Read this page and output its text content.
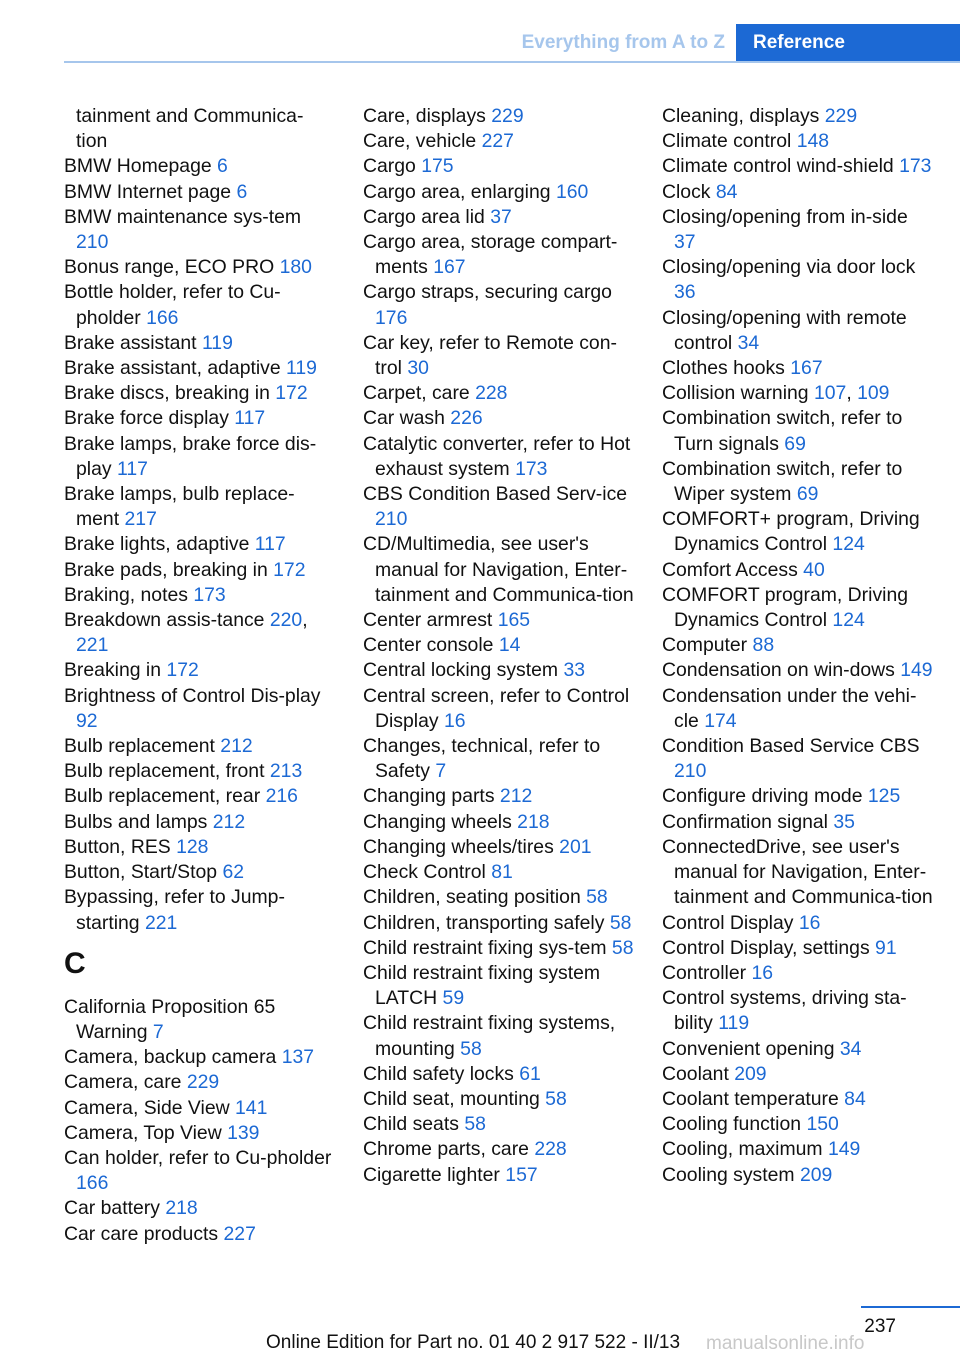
Everything from A to Z	Reference
tainment and Communica-
tion
BMW Homepage 6
BMW Internet page 6
BMW maintenance sys-tem 210
Bonus range, ECO PRO 180
Bottle holder, refer to Cu-pholder 166
Brake assistant 119
Brake assistant, adaptive 119
Brake discs, breaking in 172
Brake force display 117
Brake lamps, brake force dis-play 117
Brake lamps, bulb replace-ment 217
Brake lights, adaptive 117
Brake pads, breaking in 172
Braking, notes 173
Breakdown assis-tance 220, 221
Breaking in 172
Brightness of Control Dis-play 92
Bulb replacement 212
Bulb replacement, front 213
Bulb replacement, rear 216
Bulbs and lamps 212
Button, RES 128
Button, Start/Stop 62
Bypassing, refer to Jump-starting 221
C
California Proposition 65 Warning 7
Camera, backup camera 137
Camera, care 229
Camera, Side View 141
Camera, Top View 139
Can holder, refer to Cu-pholder 166
Car battery 218
Car care products 227
Care, displays 229
Care, vehicle 227
Cargo 175
Cargo area, enlarging 160
Cargo area lid 37
Cargo area, storage compart-ments 167
Cargo straps, securing cargo 176
Car key, refer to Remote con-trol 30
Carpet, care 228
Car wash 226
Catalytic converter, refer to Hot exhaust system 173
CBS Condition Based Serv-ice 210
CD/Multimedia, see user's manual for Navigation, Enter-tainment and Communica-tion
Center armrest 165
Center console 14
Central locking system 33
Central screen, refer to Control Display 16
Changes, technical, refer to Safety 7
Changing parts 212
Changing wheels 218
Changing wheels/tires 201
Check Control 81
Children, seating position 58
Children, transporting safely 58
Child restraint fixing sys-tem 58
Child restraint fixing system LATCH 59
Child restraint fixing systems, mounting 58
Child safety locks 61
Child seat, mounting 58
Child seats 58
Chrome parts, care 228
Cigarette lighter 157
Cleaning, displays 229
Climate control 148
Climate control wind-shield 173
Clock 84
Closing/opening from in-side 37
Closing/opening via door lock 36
Closing/opening with remote control 34
Clothes hooks 167
Collision warning 107, 109
Combination switch, refer to Turn signals 69
Combination switch, refer to Wiper system 69
COMFORT+ program, Driving Dynamics Control 124
Comfort Access 40
COMFORT program, Driving Dynamics Control 124
Computer 88
Condensation on win-dows 149
Condensation under the vehi-cle 174
Condition Based Service CBS 210
Configure driving mode 125
Confirmation signal 35
ConnectedDrive, see user's manual for Navigation, Enter-tainment and Communica-tion
Control Display 16
Control Display, settings 91
Controller 16
Control systems, driving sta-bility 119
Convenient opening 34
Coolant 209
Coolant temperature 84
Cooling function 150
Cooling, maximum 149
Cooling system 209
237
Online Edition for Part no. 01 40 2 917 522 - II/13 manualsonline.info
